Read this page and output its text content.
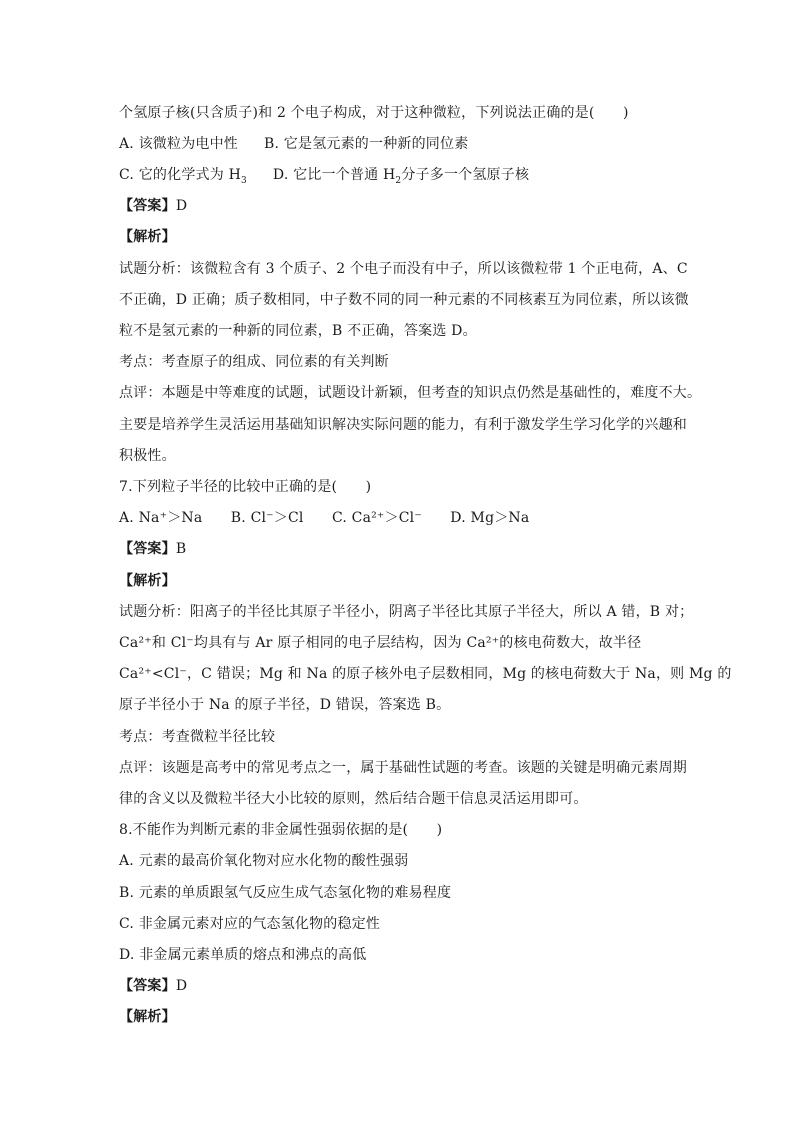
个氢原子核(只含质子)和 2 个电子构成，对于这种微粒，下列说法正确的是(　　)
A. 该微粒为电中性 B. 它是氢元素的一种新的同位素
C. 它的化学式为 $H_3$ D. 它比一个普通 $H_2$分子多一个氢原子核
【答案】D
【解析】
试题分析：该微粒含有 3 个质子、2 个电子而没有中子，所以该微粒带 1 个正电荷，A、C
不正确，D 正确；质子数相同，中子数不同的同一种元素的不同核素互为同位素，所以该微
粒不是氢元素的一种新的同位素，B 不正确，答案选 D。
考点：考查原子的组成、同位素的有关判断
点评：本题是中等难度的试题，试题设计新颖，但考查的知识点仍然是基础性的，难度不大。
主要是培养学生灵活运用基础知识解决实际问题的能力，有利于激发学生学习化学的兴趣和
积极性。
7.下列粒子半径的比较中正确的是(　　)
A. Na⁺＞Na　　B. Cl⁻＞Cl　　C. Ca²⁺＞Cl⁻　　D. Mg＞Na
【答案】B
【解析】
试题分析：阳离子的半径比其原子半径小，阴离子半径比其原子半径大，所以 A 错，B 对；
Ca²⁺和 Cl⁻均具有与 Ar 原子相同的电子层结构，因为 Ca²⁺的核电荷数大，故半径
Ca²⁺<Cl⁻，C 错误；Mg 和 Na 的原子核外电子层数相同，Mg 的核电荷数大于 Na，则 Mg 的
原子半径小于 Na 的原子半径，D 错误，答案选 B。
考点：考查微粒半径比较
点评：该题是高考中的常见考点之一，属于基础性试题的考查。该题的关键是明确元素周期
律的含义以及微粒半径大小比较的原则，然后结合题干信息灵活运用即可。
8.不能作为判断元素的非金属性强弱依据的是(　　)
A. 元素的最高价氧化物对应水化物的酸性强弱
B. 元素的单质跟氢气反应生成气态氢化物的难易程度
C. 非金属元素对应的气态氢化物的稳定性
D. 非金属元素单质的熔点和沸点的高低
【答案】D
【解析】
